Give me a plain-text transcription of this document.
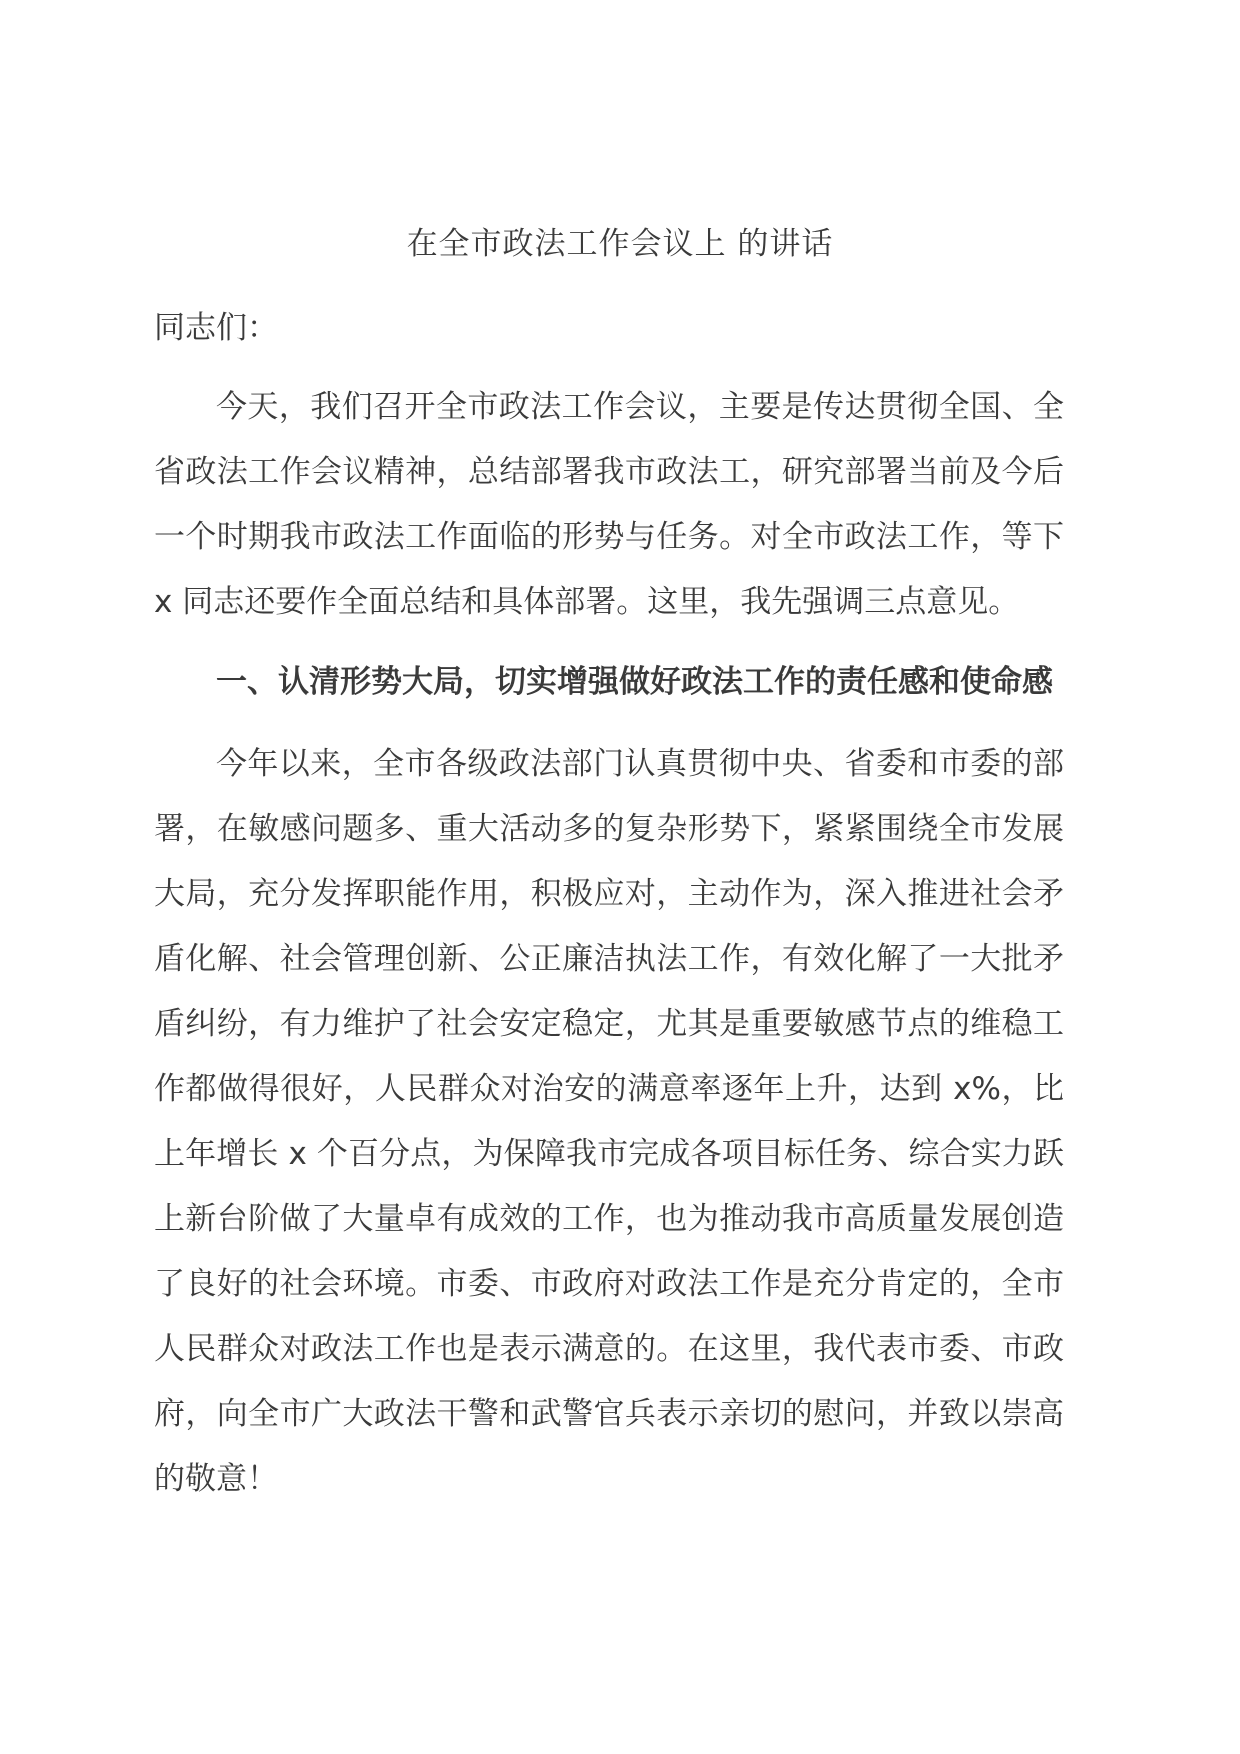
在全市政法工作会议上 的讲话
同志们：

今天，我们召开全市政法工作会议，主要是传达贯彻全国、全省政法工作会议精神，总结部署我市政法工，研究部署当前及今后一个时期我市政法工作面临的形势与任务。对全市政法工作，等下 x 同志还要作全面总结和具体部署。这里，我先强调三点意见。

一、认清形势大局，切实增强做好政法工作的责任感和使命感

今年以来，全市各级政法部门认真贯彻中央、省委和市委的部署，在敏感问题多、重大活动多的复杂形势下，紧紧围绕全市发展大局，充分发挥职能作用，积极应对，主动作为，深入推进社会矛盾化解、社会管理创新、公正廉洁执法工作，有效化解了一大批矛盾纠纷，有力维护了社会安定稳定，尤其是重要敏感节点的维稳工作都做得很好，人民群众对治安的满意率逐年上升，达到 x%，比上年增长 x 个百分点，为保障我市完成各项目标任务、综合实力跃上新台阶做了大量卓有成效的工作，也为推动我市高质量发展创造了良好的社会环境。市委、市政府对政法工作是充分肯定的，全市人民群众对政法工作也是表示满意的。在这里，我代表市委、市政府，向全市广大政法干警和武警官兵表示亲切的慰问，并致以崇高的敬意！
